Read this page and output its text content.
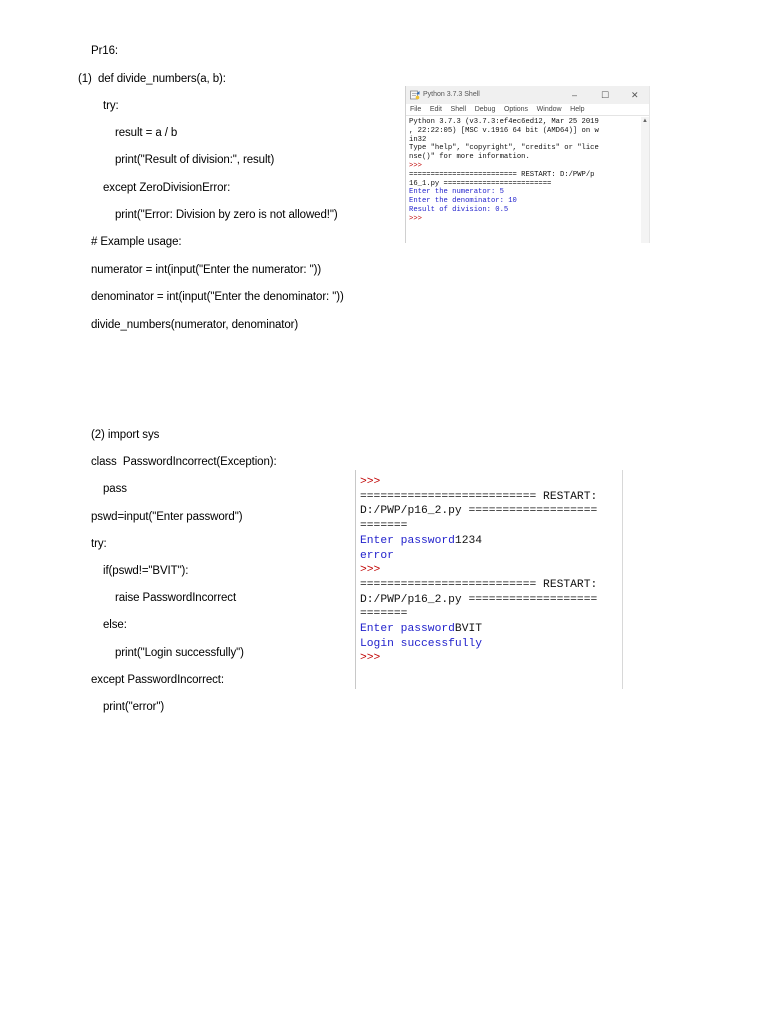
Pr16:
(1)  def divide_numbers(a, b):
try:
result = a / b
print("Result of division:", result)
except ZeroDivisionError:
print("Error: Division by zero is not allowed!")
# Example usage:
numerator = int(input("Enter the numerator: "))
denominator = int(input("Enter the denominator: "))
divide_numbers(numerator, denominator)
(2) import sys
class  PasswordIncorrect(Exception):
pass
pswd=input("Enter password")
try:
if(pswd!="BVIT"):
raise PasswordIncorrect
else:
print("Login successfully")
except PasswordIncorrect:
print("error")
Python 3.7.3 Shell	–	☐ ✕
File Edit Shell Debug Options Window Help
Python 3.7.3 (v3.7.3:ef4ec6ed12, Mar 25 2019
, 22:22:05) [MSC v.1916 64 bit (AMD64)] on w
in32
Type "help", "copyright", "credits" or "lice
nse()" for more information.
>>>
========================= RESTART: D:/PWP/p
16_1.py =========================
Enter the numerator: 5
Enter the denominator: 10
Result of division: 0.5
>>>
▲
>>>
========================== RESTART:
D:/PWP/p16_2.py ===================
=======
Enter password1234
error
>>>
========================== RESTART:
D:/PWP/p16_2.py ===================
=======
Enter passwordBVIT
Login successfully
>>>
